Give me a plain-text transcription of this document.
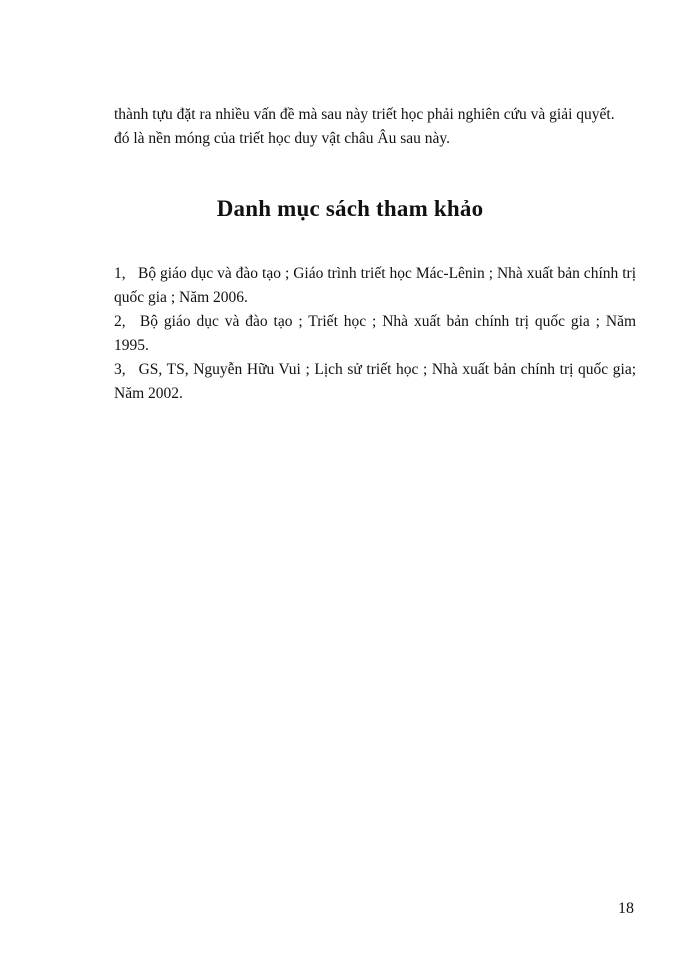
thành tựu đặt ra nhiều vấn đề mà sau này triết học phải nghiên cứu và giải quyết.

đó là nền móng của triết học duy vật châu Âu sau này.

Danh mục sách tham khảo

1, Bộ giáo dục và đào tạo ; Giáo trình triết học Mác-Lênin ; Nhà xuất bản chính trị quốc gia ; Năm 2006.

2, Bộ giáo dục và đào tạo ; Triết học ; Nhà xuất bản chính trị quốc gia ; Năm 1995.

3, GS, TS, Nguyễn Hữu Vui ; Lịch sử triết học ; Nhà xuất bản chính trị quốc gia; Năm 2002.

18
